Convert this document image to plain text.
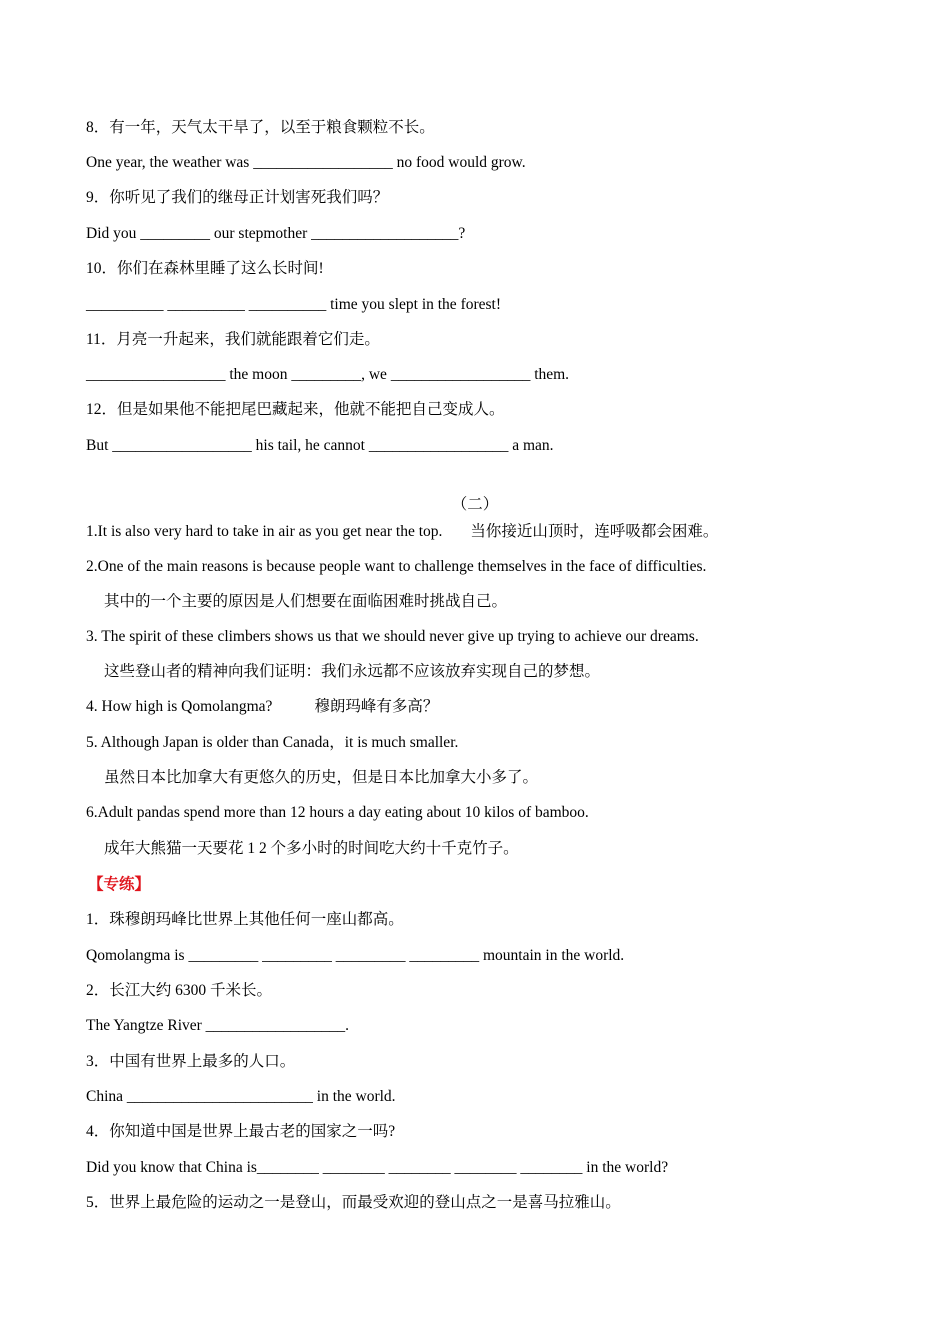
8．有一年，天气太干旱了，以至于粮食颗粒不长。
One year, the weather was __________________ no food would grow.
9．你听见了我们的继母正计划害死我们吗？
Did you _________ our stepmother ___________________?
10．你们在森林里睡了这么长时间!
__________ __________ __________ time you slept in the forest!
11．月亮一升起来，我们就能跟着它们走。
__________________ the moon _________, we __________________ them.
12．但是如果他不能把尾巴藏起来，他就不能把自己变成人。
But __________________ his tail, he cannot __________________ a man.
（二）
1.It is also very hard to take in air as you get near the top. 当你接近山顶时，连呼吸都会困难。
2.One of the main reasons is because people want to challenge themselves in the face of difficulties.
其中的一个主要的原因是人们想要在面临困难时挑战自己。
3. The spirit of these climbers shows us that we should never give up trying to achieve our dreams.
这些登山者的精神向我们证明：我们永远都不应该放弃实现自己的梦想。
4. How high is Qomolangma?	穆朗玛峰有多高？
5. Although Japan is older than Canada，it is much smaller.
虽然日本比加拿大有更悠久的历史，但是日本比加拿大小多了。
6.Adult pandas spend more than 12 hours a day eating about 10 kilos of bamboo.
成年大熊猫一天要花 1 2 个多小时的时间吃大约十千克竹子。
【专练】
1．珠穆朗玛峰比世界上其他任何一座山都高。
Qomolangma is _________ _________ _________ _________ mountain in the world.
2．长江大约 6300 千米长。
The Yangtze River __________________.
3．中国有世界上最多的人口。
China ________________________ in the world.
4．你知道中国是世界上最古老的国家之一吗?
Did you know that China is________ ________ ________ ________ ________ in the world?
5．世界上最危险的运动之一是登山，而最受欢迎的登山点之一是喜马拉雅山。
